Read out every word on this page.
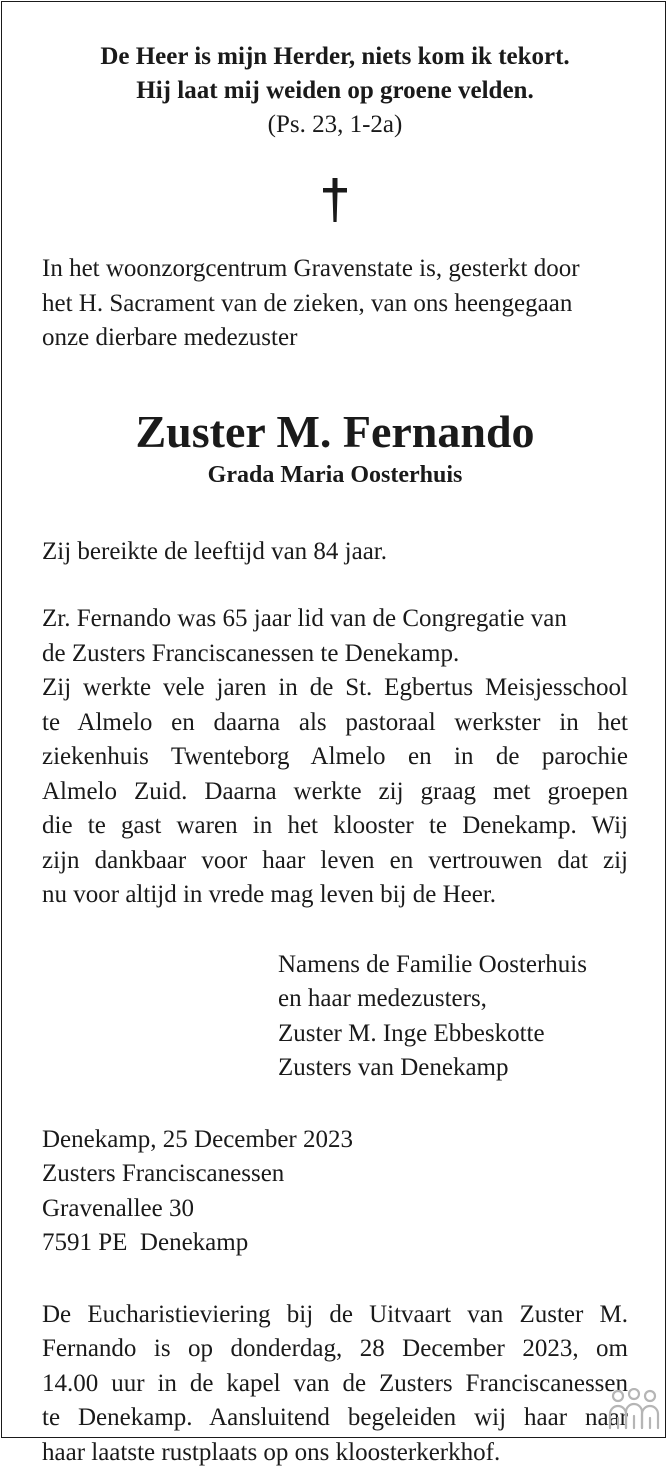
De Heer is mijn Herder, niets kom ik tekort.

Hij laat mij weiden op groene velden.

(Ps. 23, 1-2a)

In het woonzorgcentrum Gravenstate is, gesterkt door
het H. Sacrament van de zieken, van ons heengegaan
onze dierbare medezuster

Zuster M. Fernando

Grada Maria Oosterhuis

Zij bereikte de leeftijd van 84 jaar.

Zr. Fernando was 65 jaar lid van de Congregatie van
de Zusters Franciscanessen te Denekamp.
Zij werkte vele jaren in de St. Egbertus Meisjesschool
te Almelo en daarna als pastoraal werkster in het
ziekenhuis Twenteborg Almelo en in de parochie
Almelo Zuid. Daarna werkte zij graag met groepen
die te gast waren in het klooster te Denekamp. Wij
zijn dankbaar voor haar leven en vertrouwen dat zij
nu voor altijd in vrede mag leven bij de Heer.

Namens de Familie Oosterhuis
en haar medezusters,
Zuster M. Inge Ebbeskotte
Zusters van Denekamp
Denekamp, 25 December 2023
Zusters Franciscanessen
Gravenallee 30
7591 PE  Denekamp

De Eucharistieviering bij de Uitvaart van Zuster M.
Fernando is op donderdag, 28 December 2023, om
14.00 uur in de kapel van de Zusters Franciscanessen
te Denekamp. Aansluitend begeleiden wij haar naar
haar laatste rustplaats op ons kloosterkerkhof.
